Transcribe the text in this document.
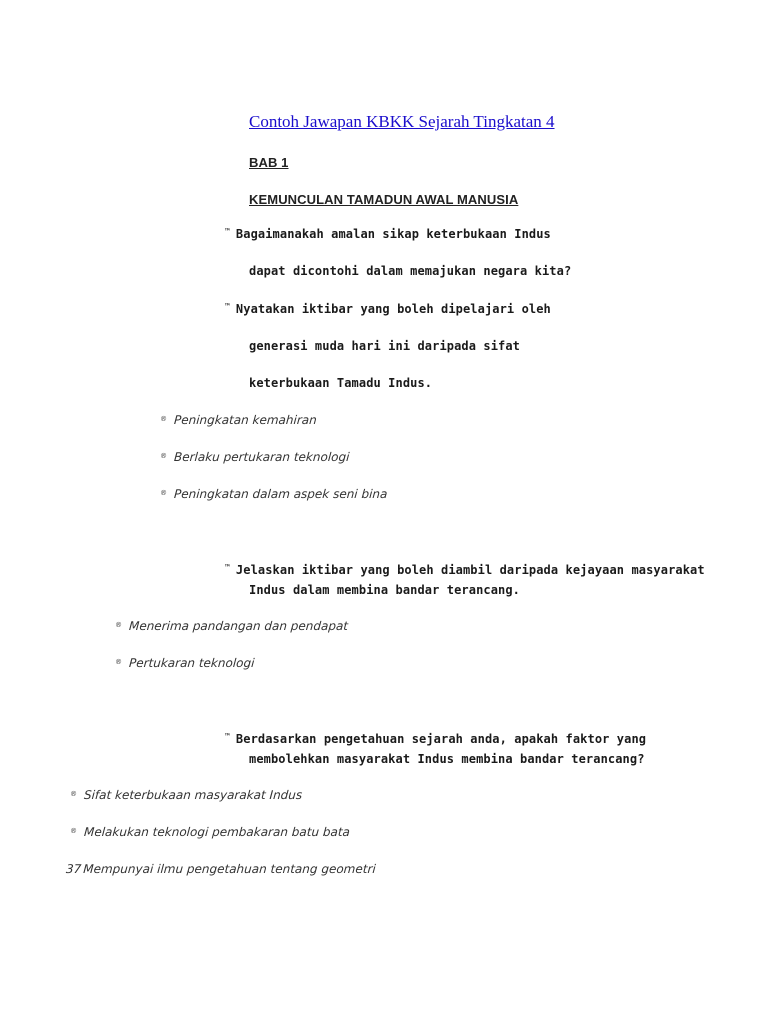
Contoh Jawapan KBKK Sejarah Tingkatan 4
BAB 1
KEMUNCULAN TAMADUN AWAL MANUSIA
™ Bagaimanakah amalan sikap keterbukaan Indus
dapat dicontohi dalam memajukan negara kita?
™ Nyatakan iktibar yang boleh dipelajari oleh
generasi muda hari ini daripada sifat
keterbukaan Tamadu Indus.
® Peningkatan kemahiran
® Berlaku pertukaran teknologi
® Peningkatan dalam aspek seni bina
™ Jelaskan iktibar yang boleh diambil daripada kejayaan masyarakat
Indus dalam membina bandar terancang.
® Menerima pandangan dan pendapat
® Pertukaran teknologi
™ Berdasarkan pengetahuan sejarah anda, apakah faktor yang
membolehkan masyarakat Indus membina bandar terancang?
® Sifat keterbukaan masyarakat Indus
® Melakukan teknologi pembakaran batu bata
37Mempunyai ilmu pengetahuan tentang geometri
